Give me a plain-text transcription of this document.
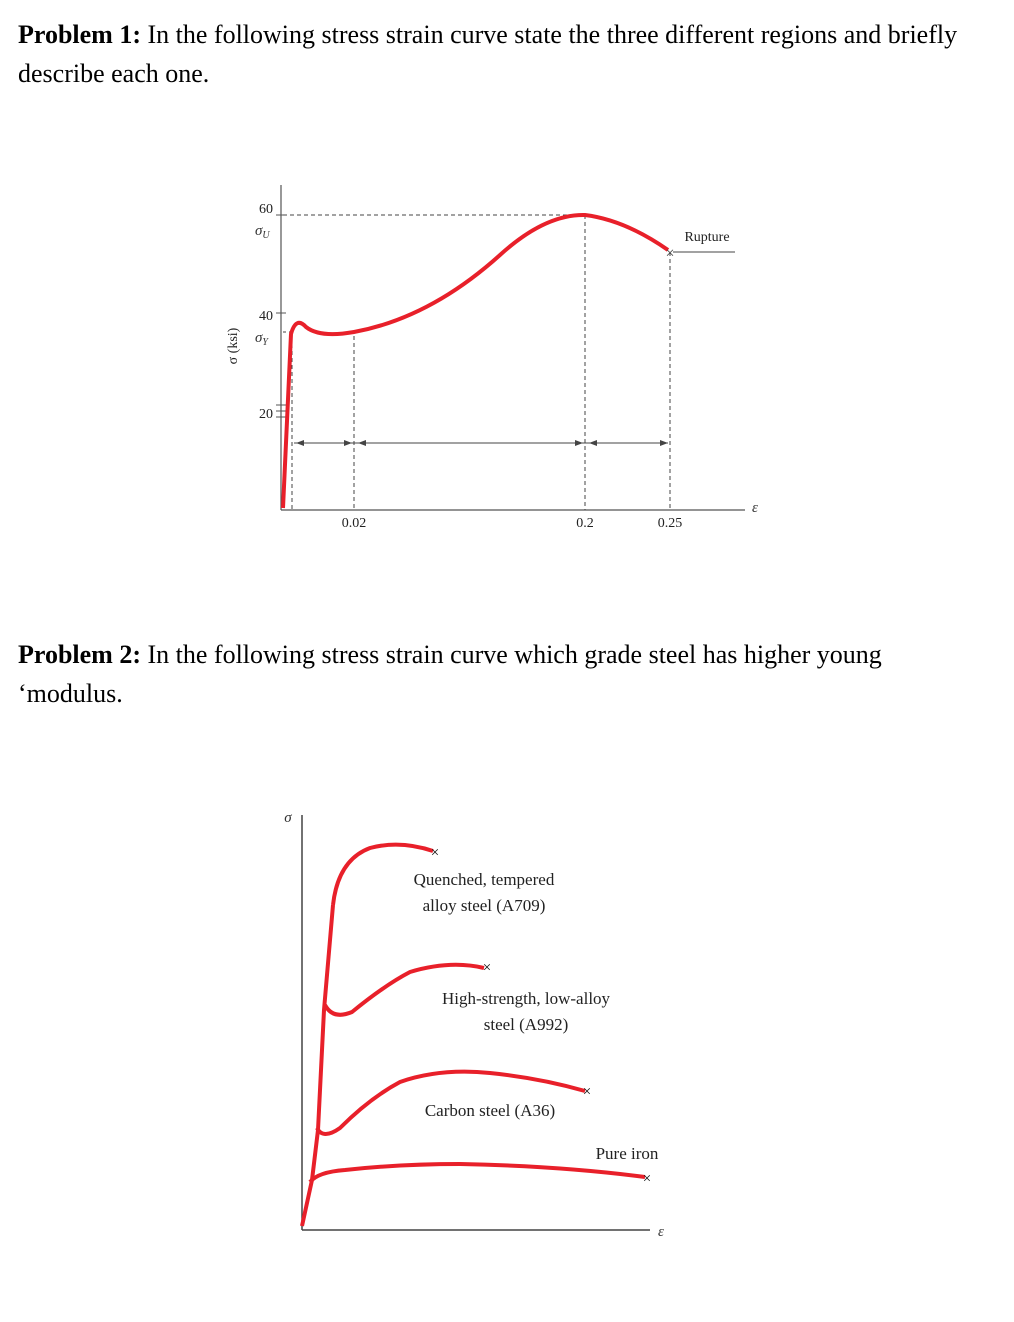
Problem 1: In the following stress strain curve state the three different regions and briefly describe each one.

60
40
20
$\sigma_U$
$\sigma_Y$
σ (ksi)
ε
0.02	0.2	0.25
×
Rupture

Problem 2: In the following stress strain curve which grade steel has higher young ‘modulus.

σ
ε
×
Quenched, tempered
alloy steel (A709)
×
High-strength, low-alloy
steel (A992)
×
Carbon steel (A36)
×
Pure iron
